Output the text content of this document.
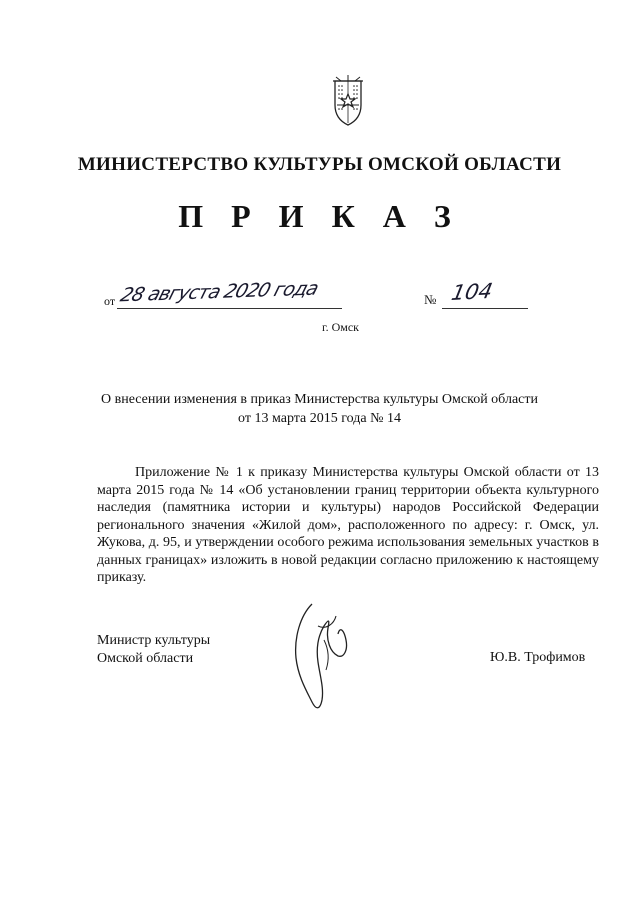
МИНИСТЕРСТВО КУЛЬТУРЫ ОМСКОЙ ОБЛАСТИ
П Р И К А З
от 28 августа 2020 года	№ 104
г. Омск
О внесении изменения в приказ Министерства культуры Омской области
от 13 марта 2015 года № 14

Приложение № 1 к приказу Министерства культуры Омской области от 13 марта 2015 года № 14 «Об установлении границ территории объекта культурного наследия (памятника истории и культуры) народов Российской Федерации регионального значения «Жилой дом», расположенного по адресу: г. Омск, ул. Жукова, д. 95, и утверждении особого режима использования земельных участков в данных границах» изложить в новой редакции согласно приложению к настоящему приказу.

Министр культуры
Омской области	Ю.В. Трофимов
